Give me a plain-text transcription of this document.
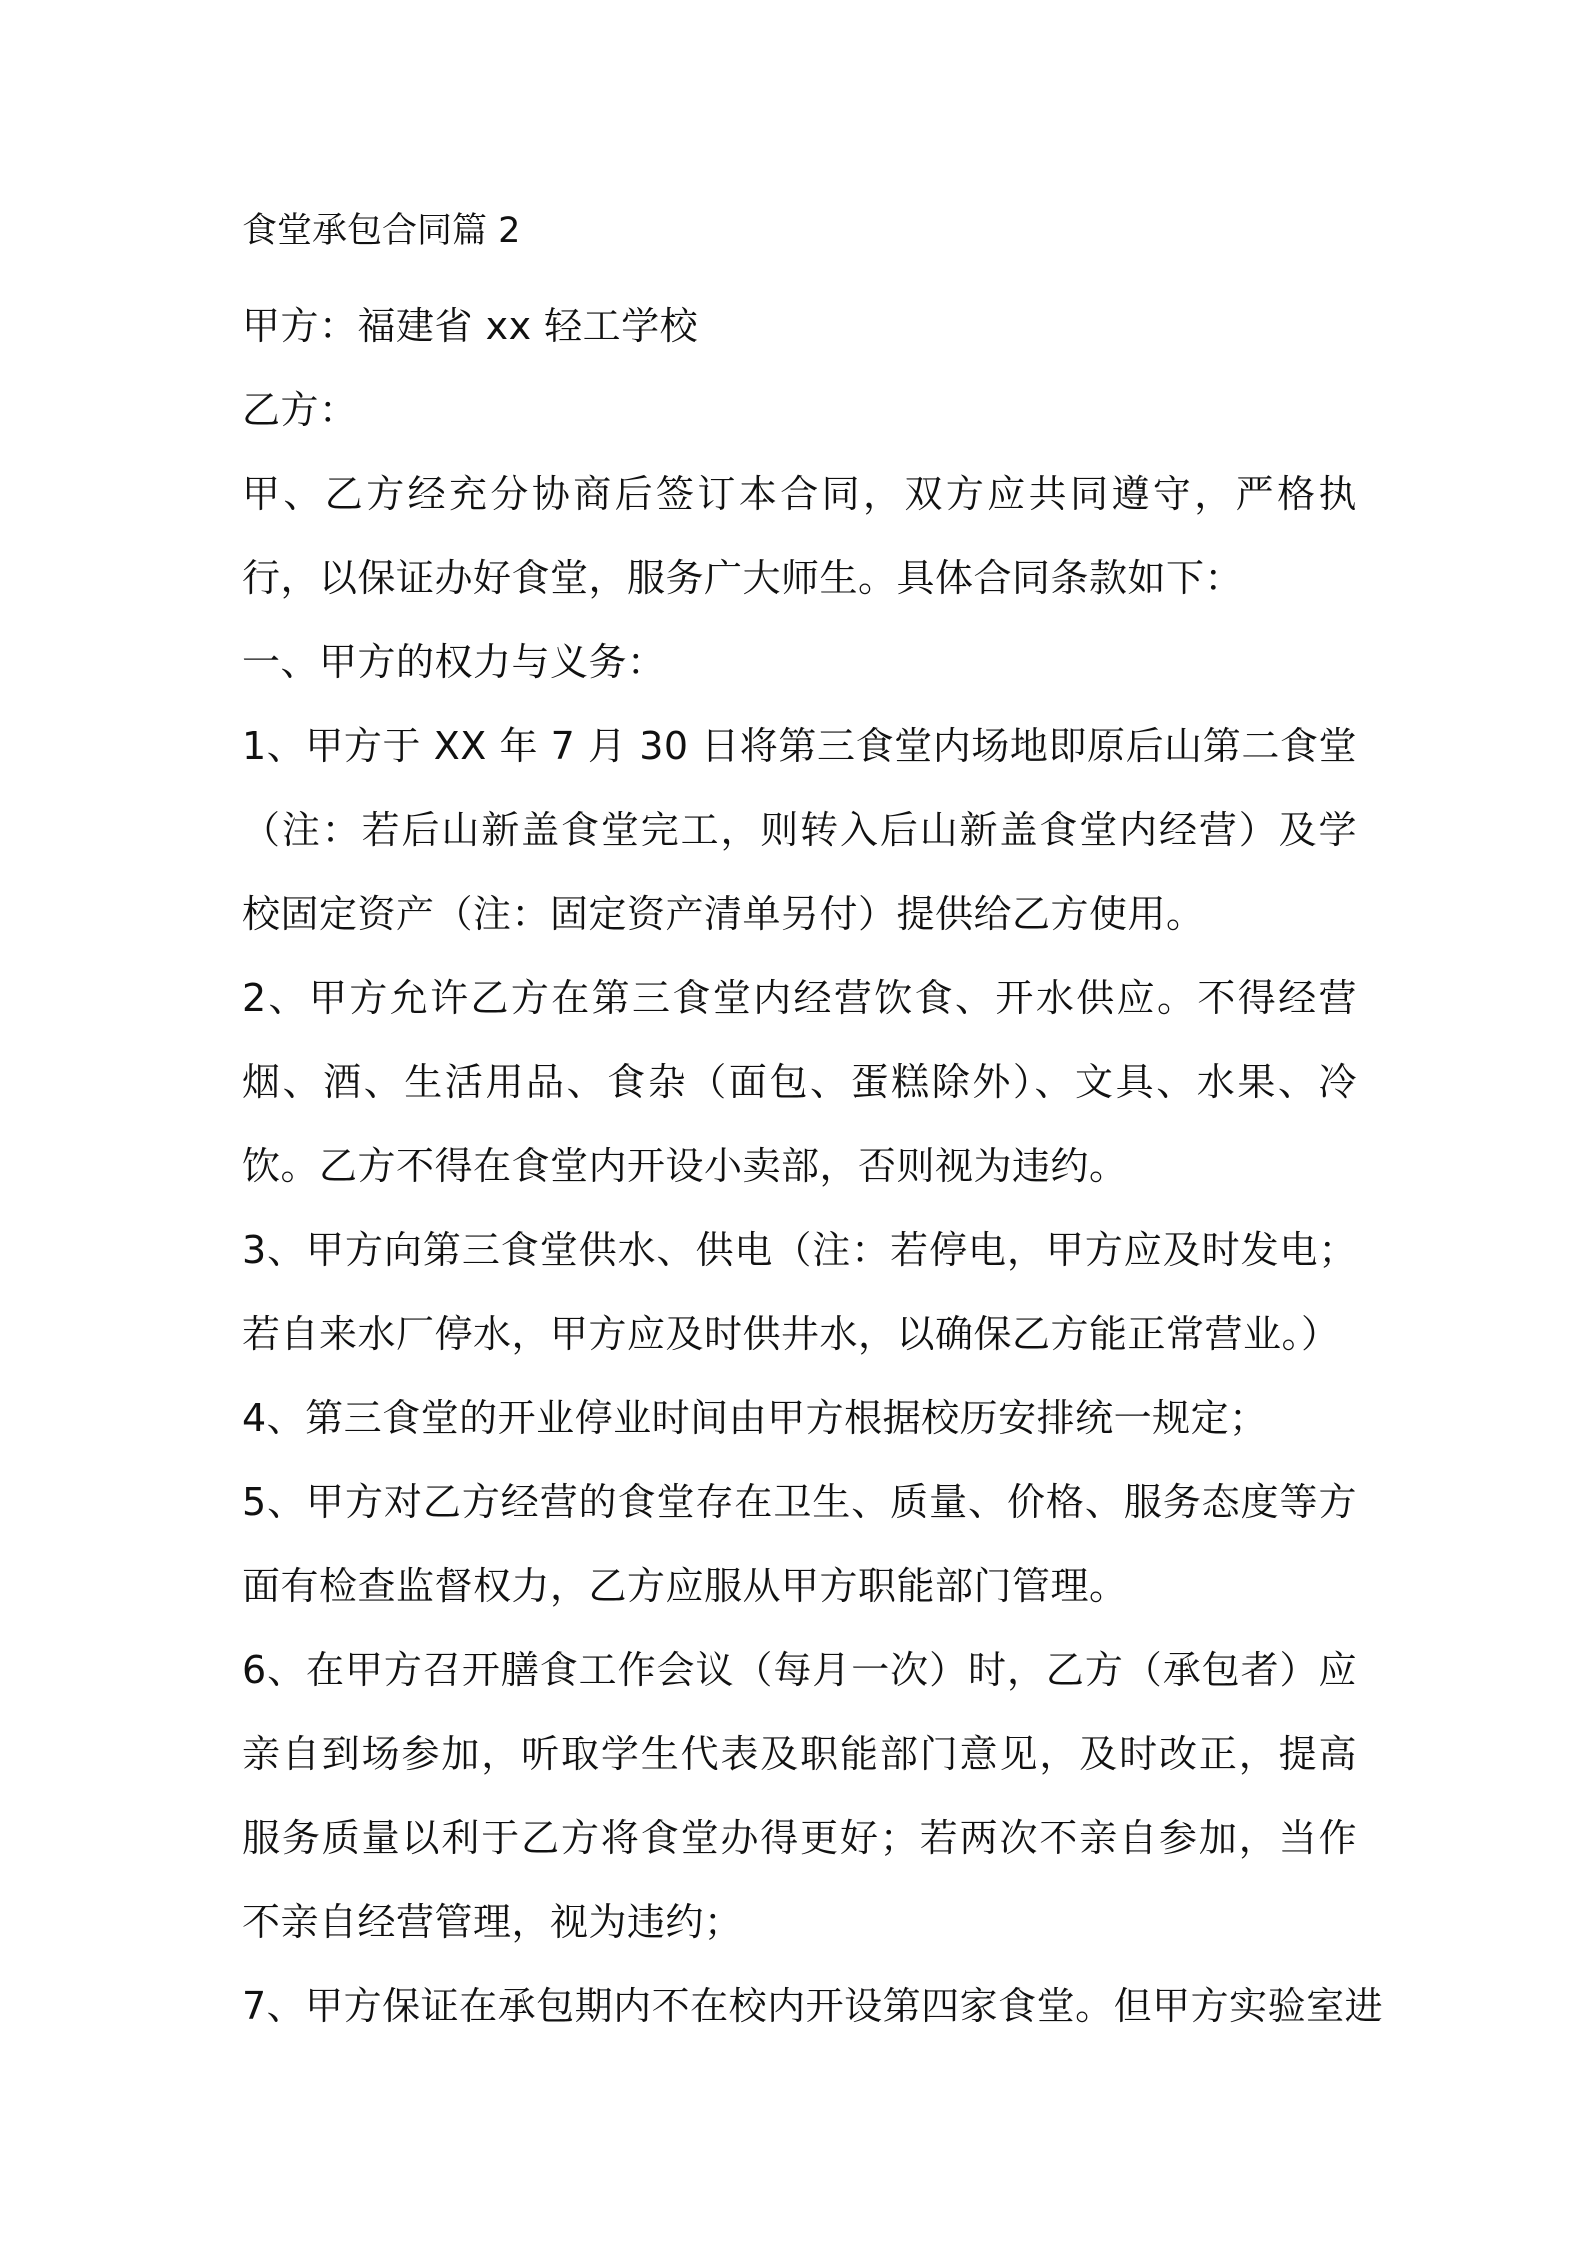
食堂承包合同篇 2

甲方：福建省 xx 轻工学校

乙方：

甲、乙方经充分协商后签订本合同，双方应共同遵守，严格执行，以保证办好食堂，服务广大师生。具体合同条款如下：

一、甲方的权力与义务：

1、甲方于 XX 年 7 月 30 日将第三食堂内场地即原后山第二食堂（注：若后山新盖食堂完工，则转入后山新盖食堂内经营）及学校固定资产（注：固定资产清单另付）提供给乙方使用。

2、甲方允许乙方在第三食堂内经营饮食、开水供应。不得经营烟、酒、生活用品、食杂（面包、蛋糕除外）、文具、水果、冷饮。乙方不得在食堂内开设小卖部，否则视为违约。

3、甲方向第三食堂供水、供电（注：若停电，甲方应及时发电；若自来水厂停水，甲方应及时供井水，以确保乙方能正常营业。）

4、第三食堂的开业停业时间由甲方根据校历安排统一规定；

5、甲方对乙方经营的食堂存在卫生、质量、价格、服务态度等方面有检查监督权力，乙方应服从甲方职能部门管理。

6、在甲方召开膳食工作会议（每月一次）时，乙方（承包者）应亲自到场参加，听取学生代表及职能部门意见，及时改正，提高服务质量以利于乙方将食堂办得更好；若两次不亲自参加，当作不亲自经营管理，视为违约；

7、甲方保证在承包期内不在校内开设第四家食堂。但甲方实验室进
